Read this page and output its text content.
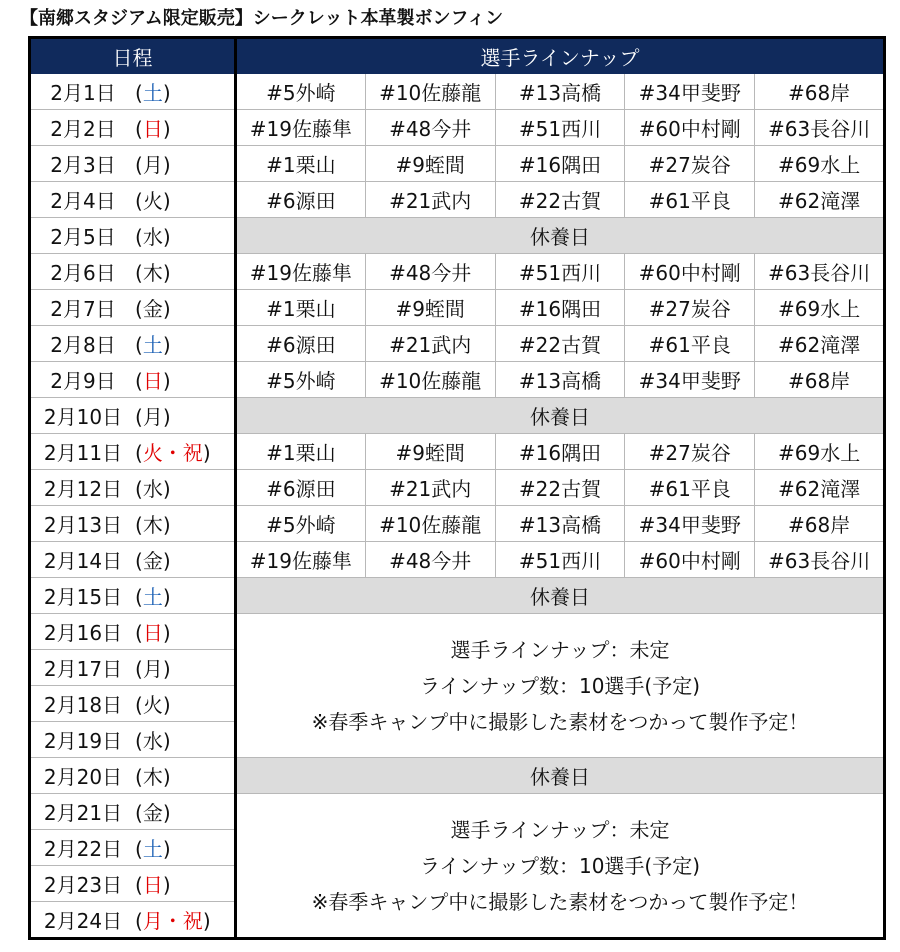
【南郷スタジアム限定販売】シークレット本革製ボンフィン
日程	選手ラインナップ				
2月1日 (土)	#5外崎	#10佐藤龍	#13高橋	#34甲斐野	#68岸
2月2日 (日)	#19佐藤隼	#48今井	#51西川	#60中村剛	#63長谷川
2月3日 (月)	#1栗山	#9蛭間	#16隅田	#27炭谷	#69水上
2月4日 (火)	#6源田	#21武内	#22古賀	#61平良	#62滝澤
2月5日 (水)	休養日				
2月6日 (木)	#19佐藤隼	#48今井	#51西川	#60中村剛	#63長谷川
2月7日 (金)	#1栗山	#9蛭間	#16隅田	#27炭谷	#69水上
2月8日 (土)	#6源田	#21武内	#22古賀	#61平良	#62滝澤
2月9日 (日)	#5外崎	#10佐藤龍	#13高橋	#34甲斐野	#68岸
2月10日 (月)	休養日				
2月11日 (火・祝)	#1栗山	#9蛭間	#16隅田	#27炭谷	#69水上
2月12日 (水)	#6源田	#21武内	#22古賀	#61平良	#62滝澤
2月13日 (木)	#5外崎	#10佐藤龍	#13高橋	#34甲斐野	#68岸
2月14日 (金)	#19佐藤隼	#48今井	#51西川	#60中村剛	#63長谷川
2月15日 (土)	休養日				
2月16日 (日)	選手ラインナップ：未定
ラインナップ数：10選手(予定)
※春季キャンプ中に撮影した素材をつかって製作予定！				

2月17日 (月)					
2月18日 (火)					
2月19日 (水)					
2月20日 (木)	休養日				
2月21日 (金)	選手ラインナップ：未定
ラインナップ数：10選手(予定)
※春季キャンプ中に撮影した素材をつかって製作予定！				

2月22日 (土)					
2月23日 (日)					
2月24日 (月・祝)					
